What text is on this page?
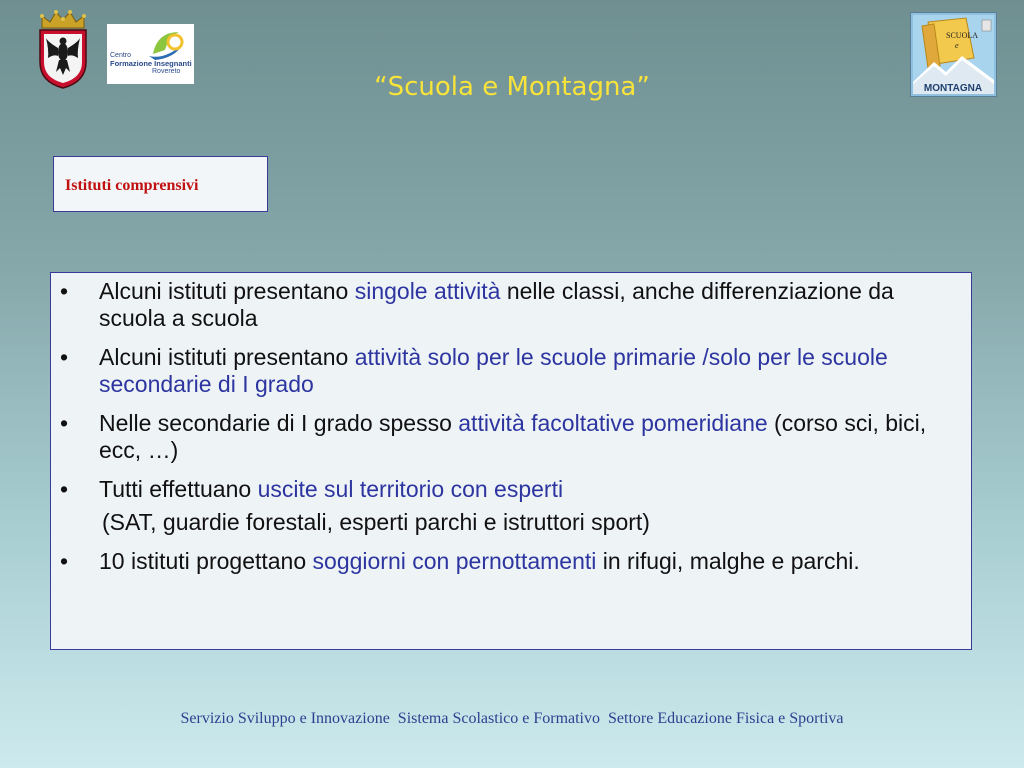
Centro
Formazione Insegnanti
Rovereto
“Scuola e Montagna”
SCUOLA
e
MONTAGNA
Istituti comprensivi
• Alcuni istituti presentano singole attività nelle classi, anche differenziazione da scuola a scuola
• Alcuni istituti presentano attività solo per le scuole primarie /solo per le scuole secondarie di I grado
• Nelle secondarie di I grado spesso attività facoltative pomeridiane (corso sci, bici, ecc, …)
• Tutti effettuano uscite sul territorio con esperti
(SAT, guardie forestali, esperti parchi e istruttori sport)
• 10 istituti progettano soggiorni con pernottamenti in rifugi, malghe e parchi.
Servizio Sviluppo e Innovazione  Sistema Scolastico e Formativo  Settore Educazione Fisica e Sportiva
